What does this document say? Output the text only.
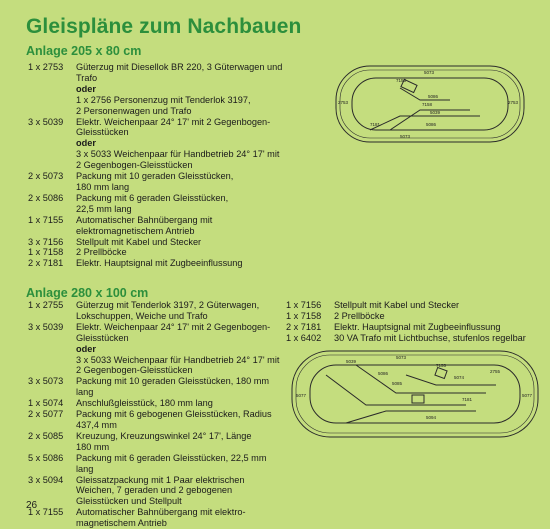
Gleispläne zum Nachbauen
Anlage 205 x 80 cm
1 x 2753	Güterzug mit Diesellok BR 220, 3 Güterwagen und
Trafo
oder
1 x 2756 Personenzug mit Tenderlok 3197,
2 Personenwagen und Trafo
3 x 5039	Elektr. Weichenpaar 24° 17' mit 2 Gegenbogen-
Gleisstücken
oder
3 x 5033 Weichenpaar für Handbetrieb 24° 17' mit
2 Gegenbogen-Gleisstücken
2 x 5073	Packung mit 10 geraden Gleisstücken,
180 mm lang
2 x 5086	Packung mit 6 geraden Gleisstücken,
22,5 mm lang
1 x 7155	Automatischer Bahnübergang mit
elektromagnetischem Antrieb
3 x 7156	Stellpult mit Kabel und Stecker
1 x 7158	2 Prellböcke
2 x 7181	Elektr. Hauptsignal mit Zugbeeinflussung
5073
2753
5086
7155
7158
5039
7181	5086
2753
5073
Anlage 280 x 100 cm
1 x 2755	Güterzug mit Tenderlok 3197, 2 Güterwagen,
Lokschuppen, Weiche und Trafo
3 x 5039	Elektr. Weichenpaar 24° 17' mit 2 Gegenbogen-
Gleisstücken
oder
3 x 5033 Weichenpaar für Handbetrieb 24° 17' mit
2 Gegenbogen-Gleisstücken
3 x 5073	Packung mit 10 geraden Gleisstücken, 180 mm
lang
1 x 5074	Anschlußgleisstück, 180 mm lang
2 x 5077	Packung mit 6 gebogenen Gleisstücken, Radius
437,4 mm
2 x 5085	Kreuzung, Kreuzungswinkel 24° 17', Länge
180 mm
5 x 5086	Packung mit 6 geraden Gleisstücken, 22,5 mm
lang
3 x 5094	Gleissatzpackung mit 1 Paar elektrischen
Weichen, 7 geraden und 2 gebogenen
Gleisstücken und Stellpult
1 x 7155	Automatischer Bahnübergang mit elektro-
magnetischem Antrieb
1 x 7156	Stellpult mit Kabel und Stecker
1 x 7158	2 Prellböcke
2 x 7181	Elektr. Hauptsignal mit Zugbeeinflussung
1 x 6402	30 VA Trafo mit Lichtbuchse, stufenlos regelbar
5039
5077
5086
5085
7155
5074
5073
2755
5094
7181
5077
26
